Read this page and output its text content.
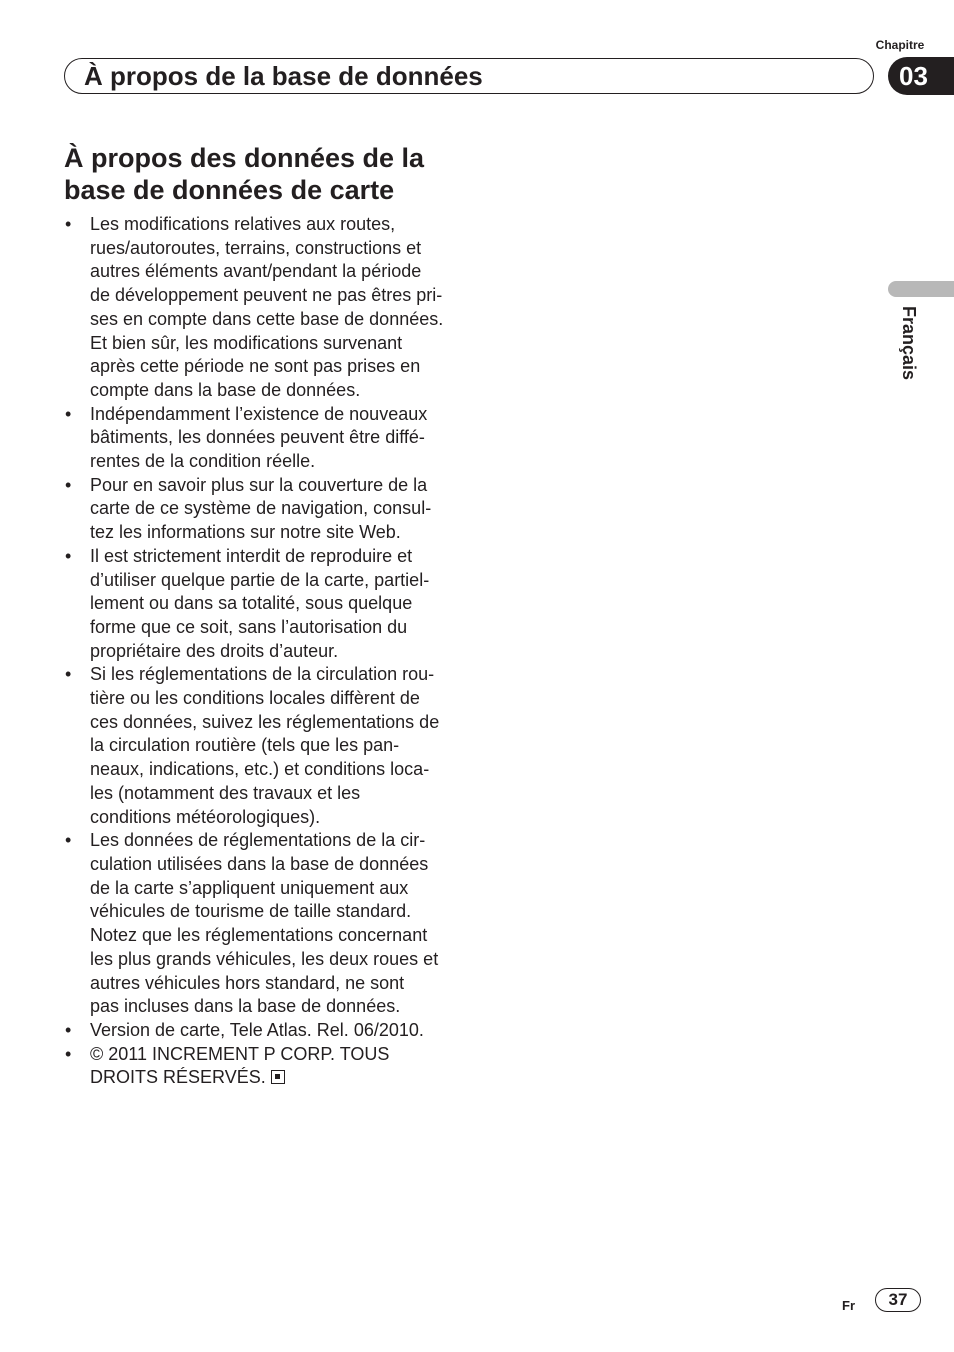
Chapitre
À propos de la base de données	03
Français
À propos des données de la
base de données de carte
• Les modifications relatives aux routes,
rues/autoroutes, terrains, constructions et
autres éléments avant/pendant la période
de développement peuvent ne pas êtres pri-
ses en compte dans cette base de données.
Et bien sûr, les modifications survenant
après cette période ne sont pas prises en
compte dans la base de données.
• Indépendamment l’existence de nouveaux
bâtiments, les données peuvent être diffé-
rentes de la condition réelle.
• Pour en savoir plus sur la couverture de la
carte de ce système de navigation, consul-
tez les informations sur notre site Web.
• Il est strictement interdit de reproduire et
d’utiliser quelque partie de la carte, partiel-
lement ou dans sa totalité, sous quelque
forme que ce soit, sans l’autorisation du
propriétaire des droits d’auteur.
• Si les réglementations de la circulation rou-
tière ou les conditions locales diffèrent de
ces données, suivez les réglementations de
la circulation routière (tels que les pan-
neaux, indications, etc.) et conditions loca-
les (notamment des travaux et les
conditions météorologiques).
• Les données de réglementations de la cir-
culation utilisées dans la base de données
de la carte s’appliquent uniquement aux
véhicules de tourisme de taille standard.
Notez que les réglementations concernant
les plus grands véhicules, les deux roues et
autres véhicules hors standard, ne sont
pas incluses dans la base de données.
• Version de carte, Tele Atlas. Rel. 06/2010.
• © 2011 INCREMENT P CORP. TOUS
DROITS RÉSERVÉS.
Fr	37
